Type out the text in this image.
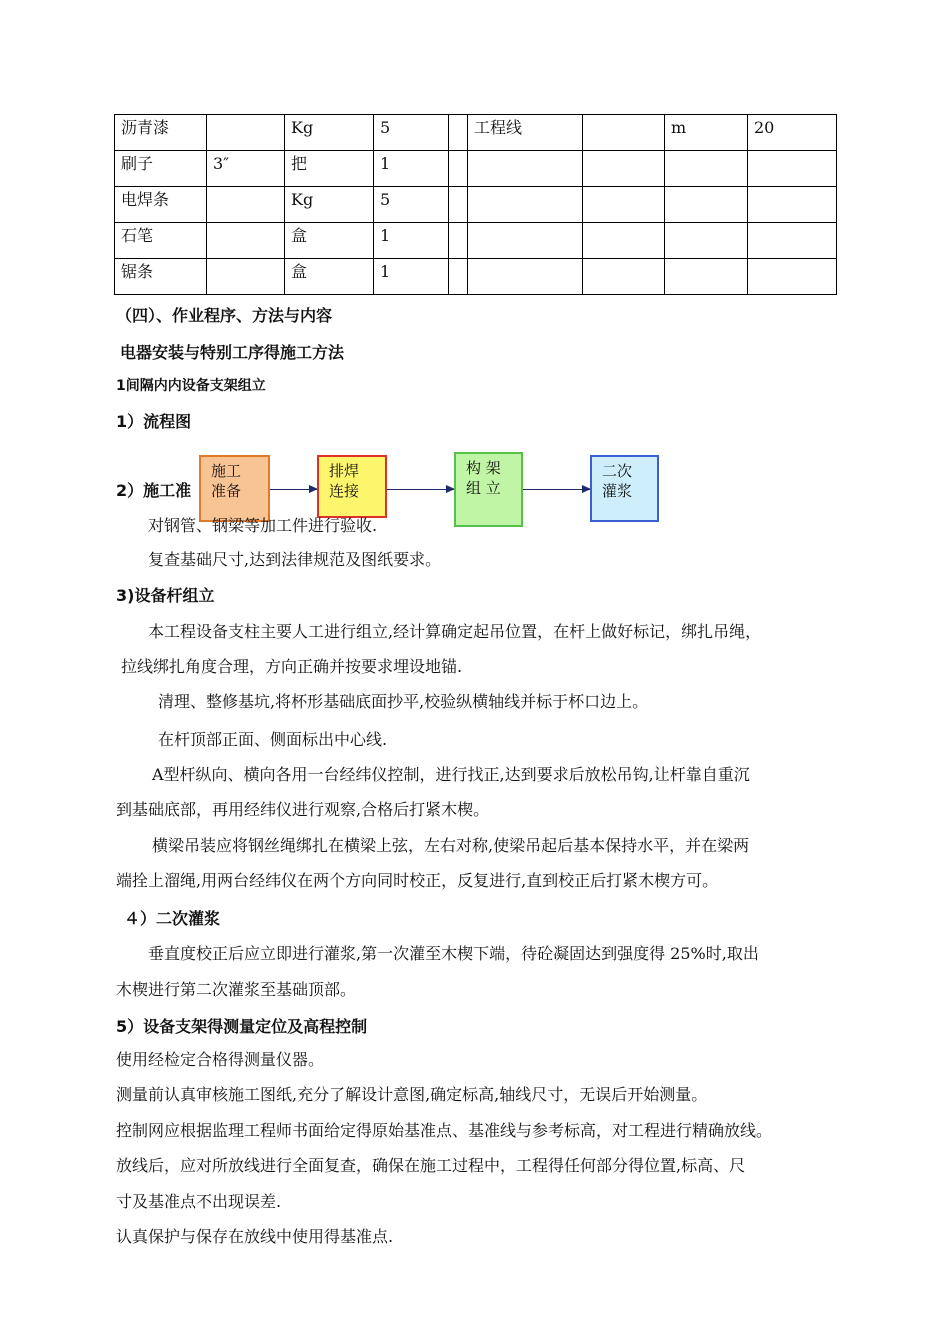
沥青漆		Kg	5		工程线		m	20
刷子	3″	把	1					
电焊条		Kg	5					
石笔		盒	1					
锯条		盒	1					
（四）、作业程序、方法与内容
电器安装与特别工序得施工方法
1间隔内内设备支架组立
1）流程图
2）施工准
施工
准备
排焊
连接
构 架
组 立
二次
灌浆
对钢管、钢梁等加工件进行验收.
复查基础尺寸,达到法律规范及图纸要求。
3)设备杆组立
本工程设备支柱主要人工进行组立,经计算确定起吊位置，在杆上做好标记，绑扎吊绳，
拉线绑扎角度合理，方向正确并按要求埋设地锚.
清理、整修基坑,将杯形基础底面抄平,校验纵横轴线并标于杯口边上。
在杆顶部正面、侧面标出中心线.
A型杆纵向、横向各用一台经纬仪控制，进行找正,达到要求后放松吊钩,让杆靠自重沉
到基础底部，再用经纬仪进行观察,合格后打紧木楔。
横梁吊装应将钢丝绳绑扎在横梁上弦，左右对称,使梁吊起后基本保持水平，并在梁两
端拴上溜绳,用两台经纬仪在两个方向同时校正，反复进行,直到校正后打紧木楔方可。
４）二次灌浆
垂直度校正后应立即进行灌浆,第一次灌至木楔下端，待砼凝固达到强度得 25%时,取出
木楔进行第二次灌浆至基础顶部。
5）设备支架得测量定位及高程控制
使用经检定合格得测量仪器。
测量前认真审核施工图纸,充分了解设计意图,确定标高,轴线尺寸，无误后开始测量。
控制网应根据监理工程师书面给定得原始基准点、基准线与参考标高，对工程进行精确放线。
放线后，应对所放线进行全面复查，确保在施工过程中，工程得任何部分得位置,标高、尺
寸及基准点不出现误差.
认真保护与保存在放线中使用得基准点.
